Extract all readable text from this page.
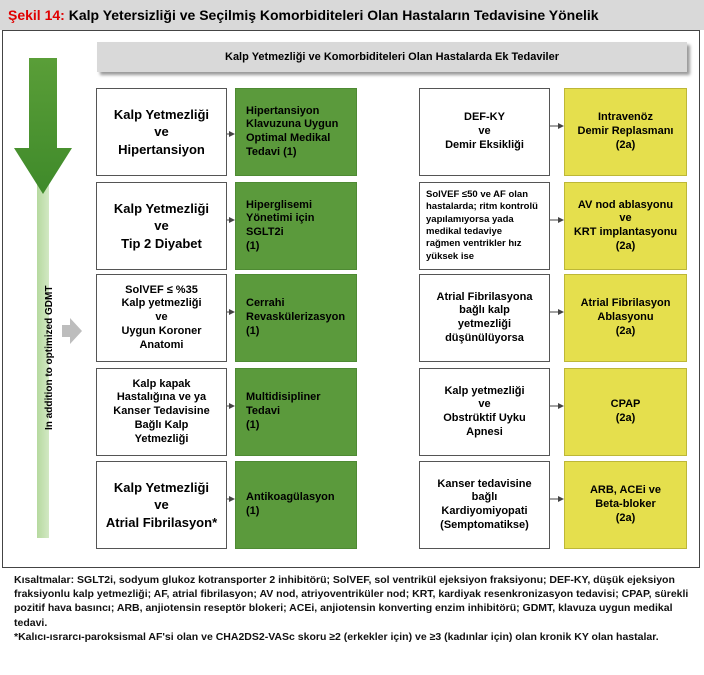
Şekil 14: Kalp Yetersizliği ve Seçilmiş Komorbiditeleri Olan Hastaların Tedavisine Yönelik
Kalp Yetmezliği ve Komorbiditeleri Olan Hastalarda Ek Tedaviler
In addition to optimized GDMT
Kalp Yetmezliği
ve
Hipertansiyon
Hipertansiyon
Klavuzuna Uygun
Optimal Medikal
Tedavi (1)
Kalp Yetmezliği
ve
Tip 2 Diyabet
Hiperglisemi
Yönetimi için SGLT2i
(1)
SolVEF ≤ %35
Kalp yetmezliği
ve
Uygun Koroner
Anatomi
Cerrahi
Revaskülerizasyon
(1)
Kalp kapak
Hastalığına ve ya
Kanser Tedavisine
Bağlı Kalp
Yetmezliği
Multidisipliner
Tedavi
(1)
Kalp Yetmezliği
ve
Atrial Fibrilasyon*
Antikoagülasyon
(1)
DEF-KY
ve
Demir Eksikliği
Intravenöz
Demir Replasmanı
(2a)
SolVEF ≤50 ve AF olan
hastalarda; ritm kontrolü
yapılamıyorsa yada
medikal tedaviye
rağmen ventrikler hız
yüksek ise
AV nod ablasyonu
ve
KRT implantasyonu
(2a)
Atrial Fibrilasyona
bağlı kalp
yetmezliği
düşünülüyorsa
Atrial Fibrilasyon
Ablasyonu
(2a)
Kalp yetmezliği
ve
Obstrüktif Uyku
Apnesi
CPAP
(2a)
Kanser tedavisine
bağlı
Kardiyomiyopati
(Semptomatikse)
ARB, ACEi ve
Beta-bloker
(2a)
Kısaltmalar: SGLT2i, sodyum glukoz kotransporter 2 inhibitörü; SolVEF, sol ventrikül ejeksiyon fraksiyonu; DEF-KY, düşük ejeksiyon fraksiyonlu kalp yetmezliği; AF, atrial fibrilasyon; AV nod, atriyoventriküler nod; KRT, kardiyak resenkronizasyon tedavisi; CPAP, sürekli pozitif hava basıncı; ARB, anjiotensin reseptör blokeri; ACEi, anjiotensin konverting enzim inhibitörü; GDMT, klavuza uygun medikal tedavi.
*Kalıcı-ısrarcı-paroksismal AF'si olan ve CHA2DS2-VASc skoru ≥2 (erkekler için) ve ≥3 (kadınlar için) olan kronik KY olan hastalar.
